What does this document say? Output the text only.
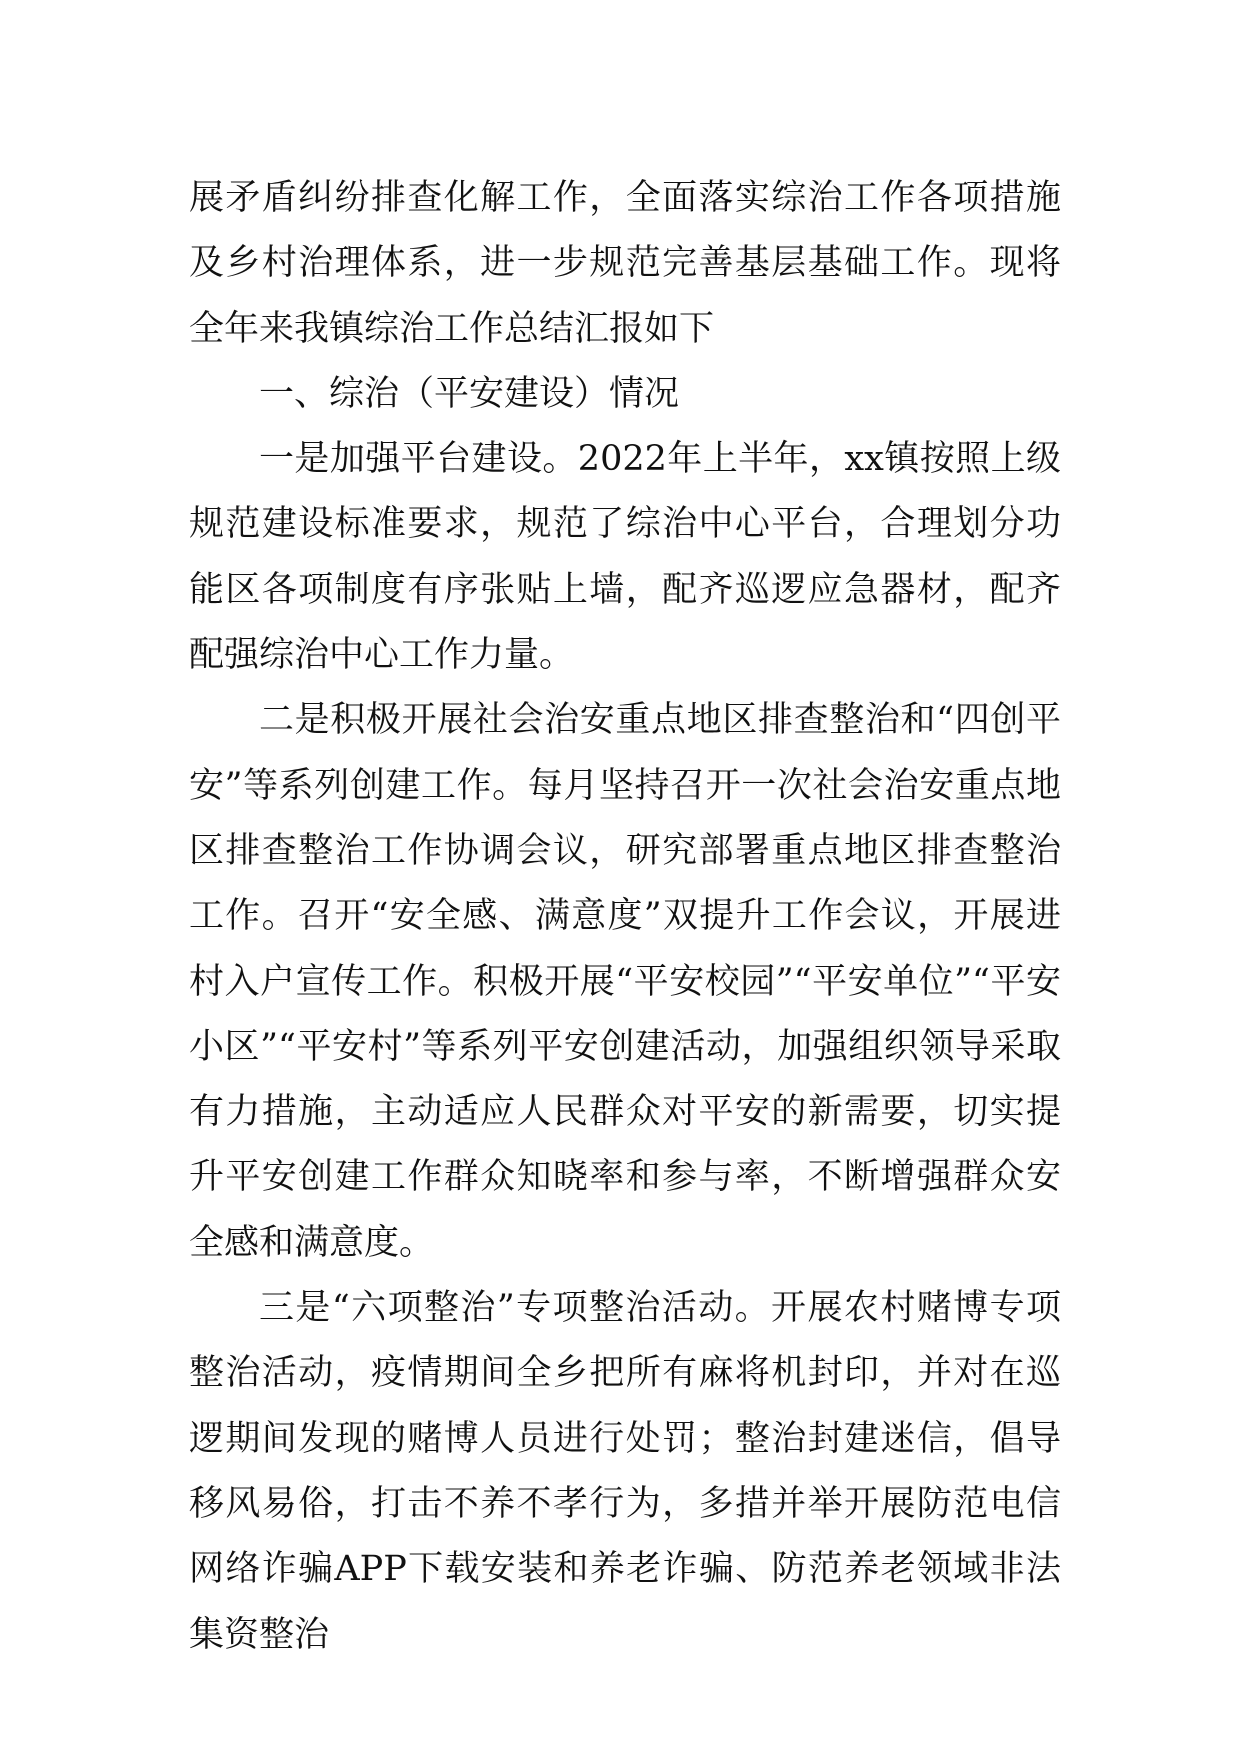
展矛盾纠纷排查化解工作，全面落实综治工作各项措施及乡村治理体系，进一步规范完善基层基础工作。现将全年来我镇综治工作总结汇报如下

一、综治（平安建设）情况

一是加强平台建设。2022年上半年，xx镇按照上级规范建设标准要求，规范了综治中心平台，合理划分功能区各项制度有序张贴上墙，配齐巡逻应急器材，配齐配强综治中心工作力量。

二是积极开展社会治安重点地区排查整治和“四创平安”等系列创建工作。每月坚持召开一次社会治安重点地区排查整治工作协调会议，研究部署重点地区排查整治工作。召开“安全感、满意度”双提升工作会议，开展进村入户宣传工作。积极开展“平安校园”“平安单位”“平安小区”“平安村”等系列平安创建活动，加强组织领导采取有力措施，主动适应人民群众对平安的新需要，切实提升平安创建工作群众知晓率和参与率，不断增强群众安全感和满意度。

三是“六项整治”专项整治活动。开展农村赌博专项整治活动，疫情期间全乡把所有麻将机封印，并对在巡逻期间发现的赌博人员进行处罚；整治封建迷信，倡导移风易俗，打击不养不孝行为，多措并举开展防范电信网络诈骗APP下载安装和养老诈骗、防范养老领域非法集资整治
